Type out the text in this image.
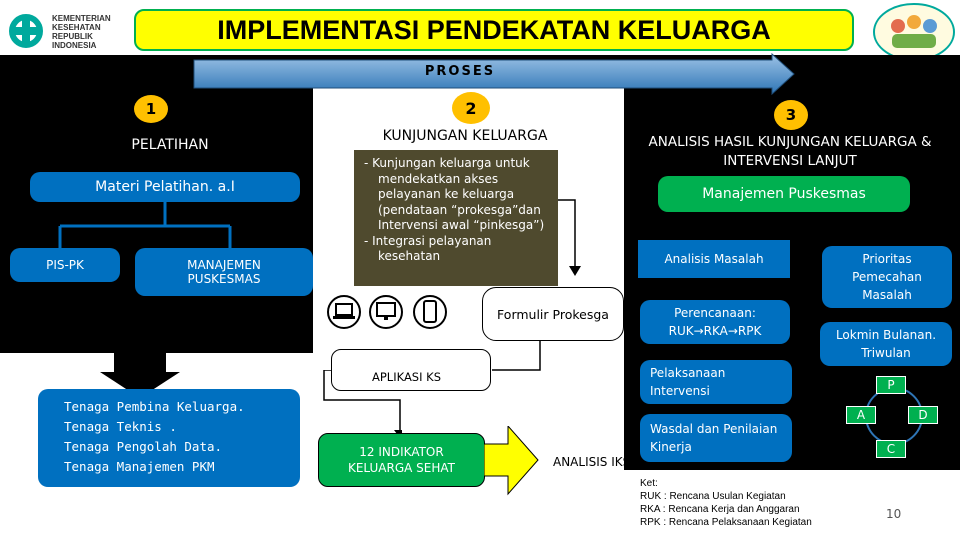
KEMENTERIAN
KESEHATAN
REPUBLIK
INDONESIA
IMPLEMENTASI PENDEKATAN KELUARGA
PROSES
1
PELATIHAN
Materi Pelatihan. a.I
PIS-PK	MANAJEMEN PUSKESMAS
Tenaga Pembina Keluarga.
Tenaga Teknis .
Tenaga Pengolah Data.
Tenaga Manajemen PKM
2
KUNJUNGAN KELUARGA
- Kunjungan keluarga untuk mendekatkan akses pelayanan ke keluarga (pendataan “prokesga”dan Intervensi awal “pinkesga”)
- Integrasi pelayanan kesehatan
Formulir Prokesga
APLIKASI KS
12 INDIKATOR KELUARGA SEHAT	ANALISIS IKS
3
ANALISIS HASIL KUNJUNGAN KELUARGA & INTERVENSI LANJUT
Manajemen Puskesmas
Analisis Masalah	Prioritas Pemecahan Masalah
Perencanaan:
RUK→RKA→RPK	Lokmin Bulanan. Triwulan
Pelaksanaan Intervensi
Wasdal dan Penilaian Kinerja
P
D
C
A
Ket:
RUK : Rencana Usulan Kegiatan
RKA : Rencana Kerja dan Anggaran
RPK : Rencana Pelaksanaan Kegiatan
10
